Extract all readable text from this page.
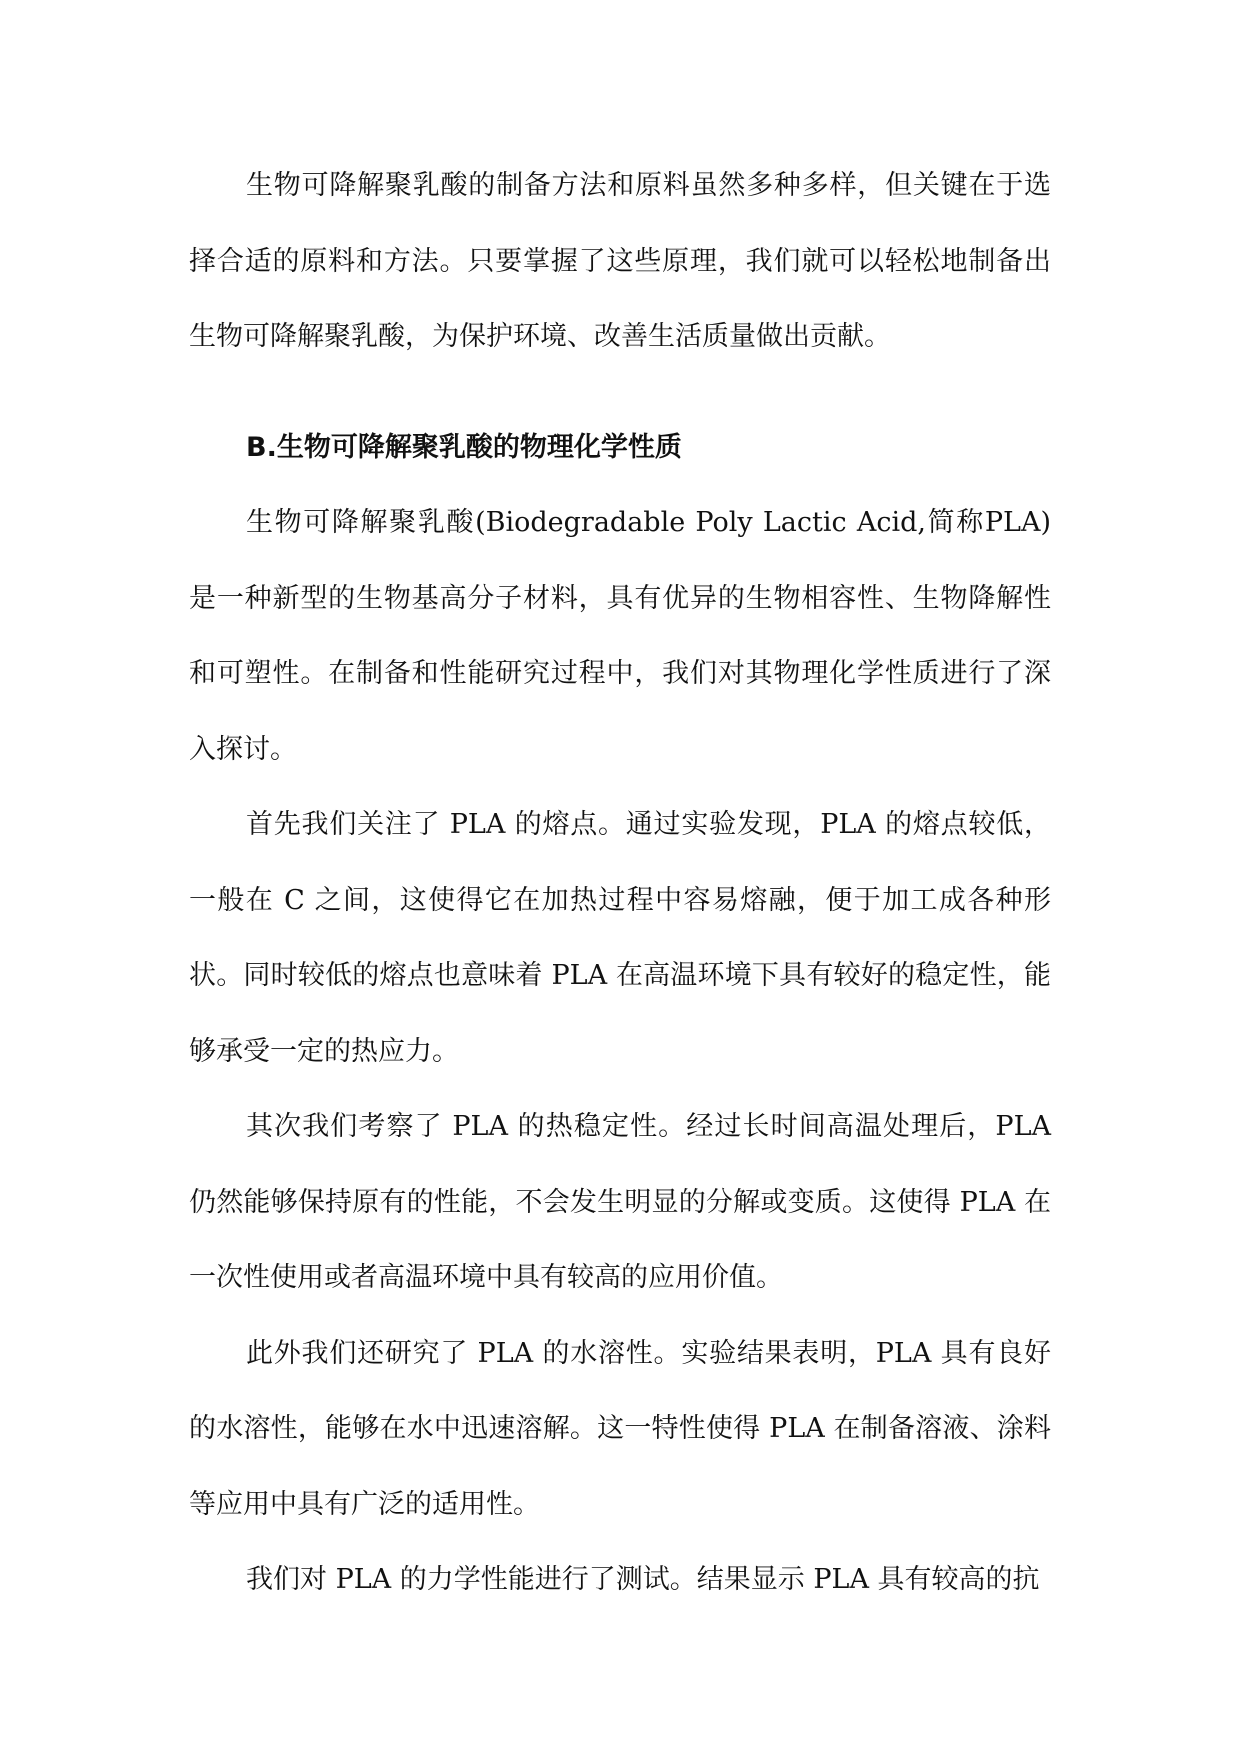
生物可降解聚乳酸的制备方法和原料虽然多种多样，但关键在于选择合适的原料和方法。只要掌握了这些原理，我们就可以轻松地制备出生物可降解聚乳酸，为保护环境、改善生活质量做出贡献。

B.生物可降解聚乳酸的物理化学性质

生物可降解聚乳酸(Biodegradable Poly Lactic Acid,简称PLA)是一种新型的生物基高分子材料，具有优异的生物相容性、生物降解性和可塑性。在制备和性能研究过程中，我们对其物理化学性质进行了深入探讨。

首先我们关注了 PLA 的熔点。通过实验发现，PLA 的熔点较低，一般在 C 之间，这使得它在加热过程中容易熔融，便于加工成各种形状。同时较低的熔点也意味着 PLA 在高温环境下具有较好的稳定性，能够承受一定的热应力。

其次我们考察了 PLA 的热稳定性。经过长时间高温处理后，PLA 仍然能够保持原有的性能，不会发生明显的分解或变质。这使得 PLA 在一次性使用或者高温环境中具有较高的应用价值。

此外我们还研究了 PLA 的水溶性。实验结果表明，PLA 具有良好的水溶性，能够在水中迅速溶解。这一特性使得 PLA 在制备溶液、涂料等应用中具有广泛的适用性。

我们对 PLA 的力学性能进行了测试。结果显示 PLA 具有较高的抗
